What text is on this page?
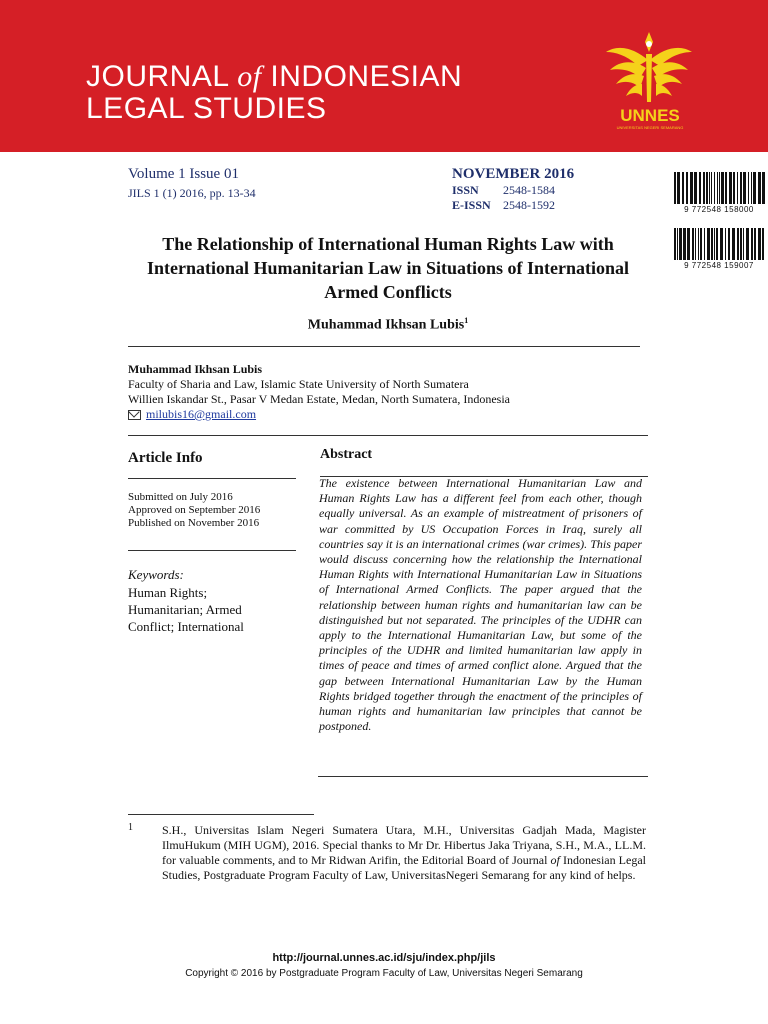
JOURNAL of INDONESIAN
LEGAL STUDIES	UNNES
UNIVERSITAS NEGERI SEMARANG
Volume 1 Issue 01
JILS 1 (1) 2016, pp. 13-34
NOVEMBER 2016
ISSN 2548-1584
E-ISSN 2548-1592	9 772548 158000
9 772548 159007
The Relationship of International Human Rights Law with International Humanitarian Law in Situations of International Armed Conflicts
Muhammad Ikhsan Lubis$^1$
Muhammad Ikhsan Lubis
Faculty of Sharia and Law, Islamic State University of North Sumatera
Willien Iskandar St., Pasar V Medan Estate, Medan, North Sumatera, Indonesia
milubis16@gmail.com
Article Info	Abstract
Submitted on July 2016
Approved on September 2016
Published on November 2016
Keywords:
Human Rights;
Humanitarian; Armed
Conflict; International
The existence between International Humanitarian Law and Human Rights Law has a different feel from each other, though equally universal. As an example of mistreatment of prisoners of war committed by US Occupation Forces in Iraq, surely all countries say it is an international crimes (war crimes). This paper would discuss concerning how the relationship the International Human Rights with International Humanitarian Law in Situations of International Armed Conflicts. The paper argued that the relationship between human rights and humanitarian law can be distinguished but not separated. The principles of the UDHR can apply to the International Humanitarian Law, but some of the principles of the UDHR and limited humanitarian law apply in times of peace and times of armed conflict alone. Argued that the gap between International Humanitarian Law by the Human Rights bridged together through the enactment of the principles of human rights and humanitarian law principles that cannot be postponed.
1 S.H., Universitas Islam Negeri Sumatera Utara, M.H., Universitas Gadjah Mada, Magister IlmuHukum (MIH UGM), 2016. Special thanks to Mr Dr. Hibertus Jaka Triyana, S.H., M.A., LL.M. for valuable comments, and to Mr Ridwan Arifin, the Editorial Board of Journal of Indonesian Legal Studies, Postgraduate Program Faculty of Law, UniversitasNegeri Semarang for any kind of helps.
http://journal.unnes.ac.id/sju/index.php/jils
Copyright © 2016 by Postgraduate Program Faculty of Law, Universitas Negeri Semarang
